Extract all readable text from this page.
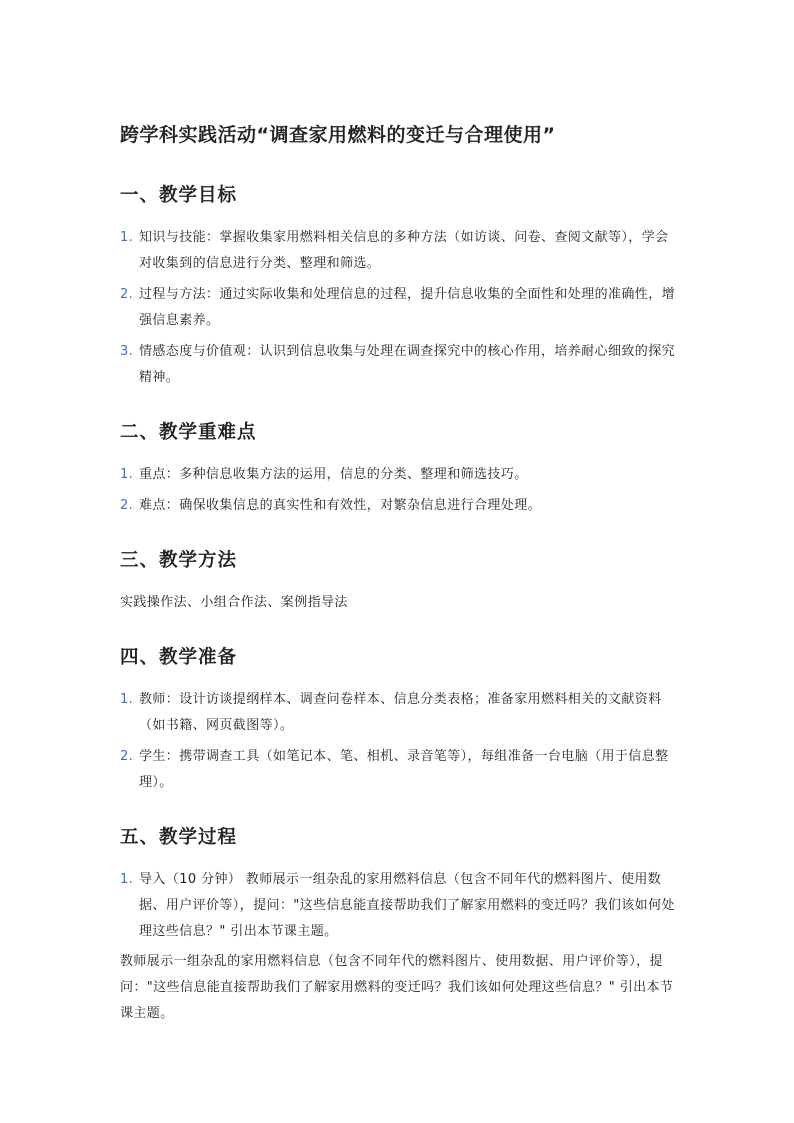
跨学科实践活动“调查家用燃料的变迁与合理使用”
一、教学目标
1. 知识与技能：掌握收集家用燃料相关信息的多种方法（如访谈、问卷、查阅文献等），学会对收集到的信息进行分类、整理和筛选。
2. 过程与方法：通过实际收集和处理信息的过程，提升信息收集的全面性和处理的准确性，增强信息素养。
3. 情感态度与价值观：认识到信息收集与处理在调查探究中的核心作用，培养耐心细致的探究精神。
二、教学重难点
1. 重点：多种信息收集方法的运用，信息的分类、整理和筛选技巧。
2. 难点：确保收集信息的真实性和有效性，对繁杂信息进行合理处理。
三、教学方法

实践操作法、小组合作法、案例指导法

四、教学准备
1. 教师：设计访谈提纲样本、调查问卷样本、信息分类表格；准备家用燃料相关的文献资料（如书籍、网页截图等）。
2. 学生：携带调查工具（如笔记本、笔、相机、录音笔等），每组准备一台电脑（用于信息整理）。
五、教学过程
1. 导入（10 分钟） 教师展示一组杂乱的家用燃料信息（包含不同年代的燃料图片、使用数据、用户评价等），提问："这些信息能直接帮助我们了解家用燃料的变迁吗？我们该如何处理这些信息？" 引出本节课主题。

教师展示一组杂乱的家用燃料信息（包含不同年代的燃料图片、使用数据、用户评价等），提问："这些信息能直接帮助我们了解家用燃料的变迁吗？我们该如何处理这些信息？" 引出本节课主题。
